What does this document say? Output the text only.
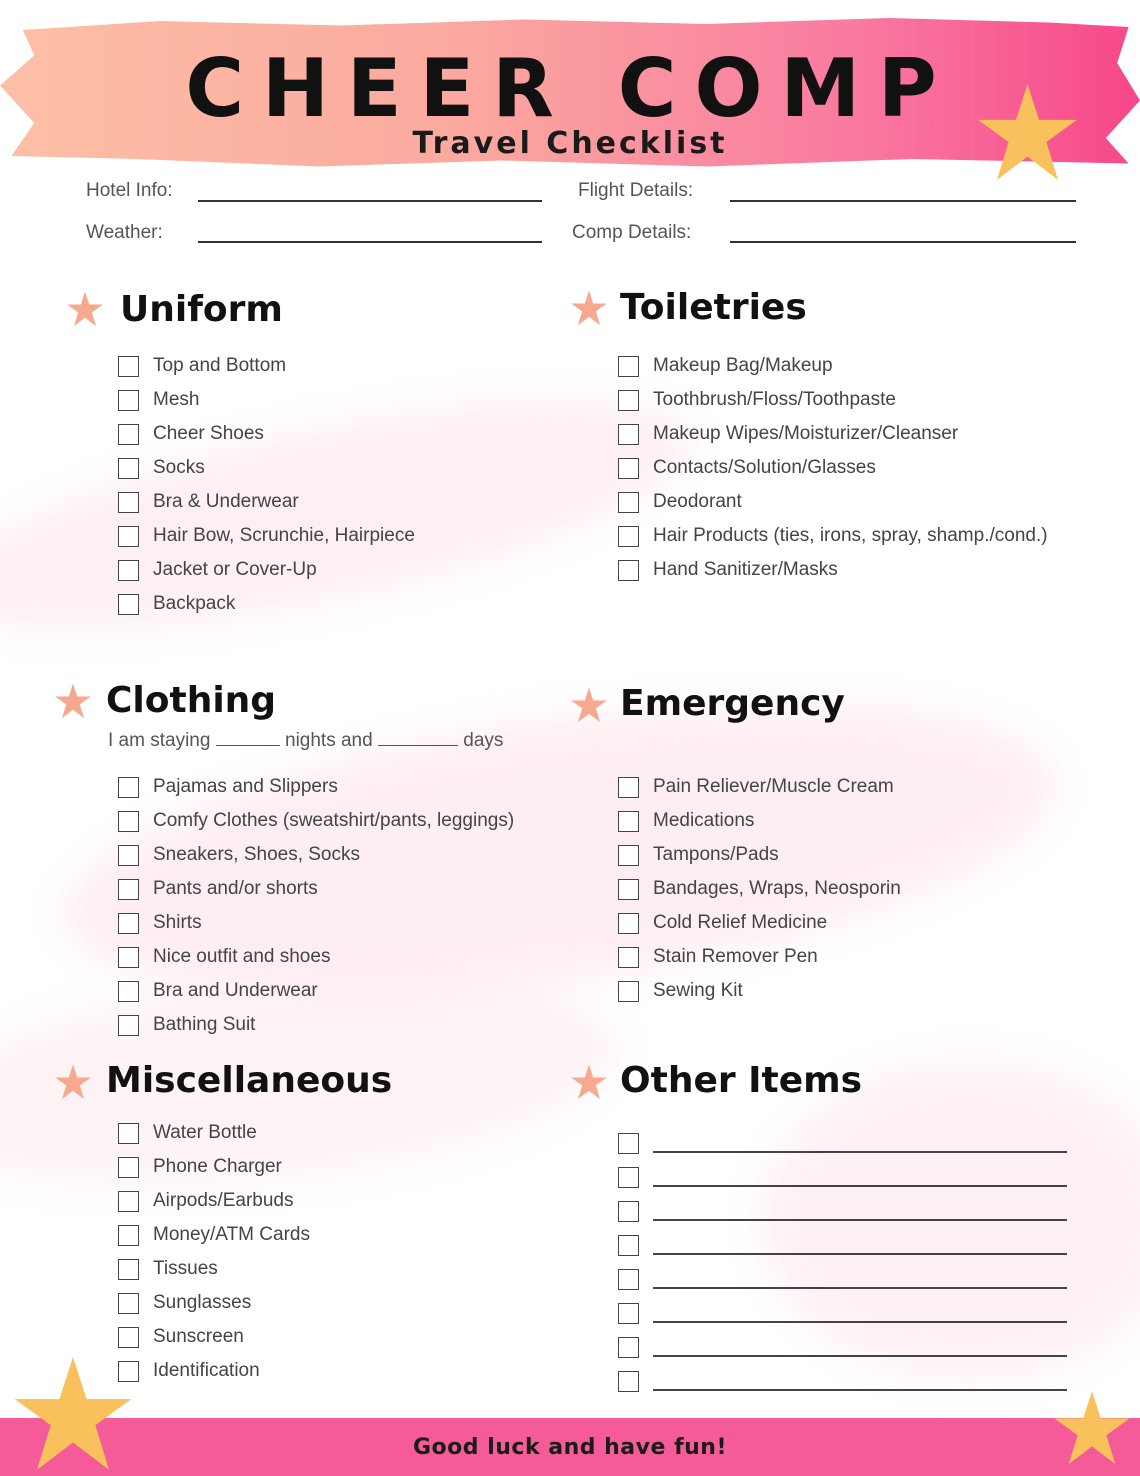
CHEER COMP
Travel Checklist
Hotel Info:	Flight Details:
Weather:	Comp Details:
Uniform
Top and Bottom
Mesh
Cheer Shoes
Socks
Bra & Underwear
Hair Bow, Scrunchie, Hairpiece
Jacket or Cover-Up
Backpack
Toiletries
Makeup Bag/Makeup
Toothbrush/Floss/Toothpaste
Makeup Wipes/Moisturizer/Cleanser
Contacts/Solution/Glasses
Deodorant
Hair Products (ties, irons, spray, shamp./cond.)
Hand Sanitizer/Masks
Clothing
I am staying	nights and	days
Pajamas and Slippers
Comfy Clothes (sweatshirt/pants, leggings)
Sneakers, Shoes, Socks
Pants and/or shorts
Shirts
Nice outfit and shoes
Bra and Underwear
Bathing Suit
Emergency
Pain Reliever/Muscle Cream
Medications
Tampons/Pads
Bandages, Wraps, Neosporin
Cold Relief Medicine
Stain Remover Pen
Sewing Kit
Miscellaneous
Water Bottle
Phone Charger
Airpods/Earbuds
Money/ATM Cards
Tissues
Sunglasses
Sunscreen
Identification
Other Items
Good luck and have fun!
